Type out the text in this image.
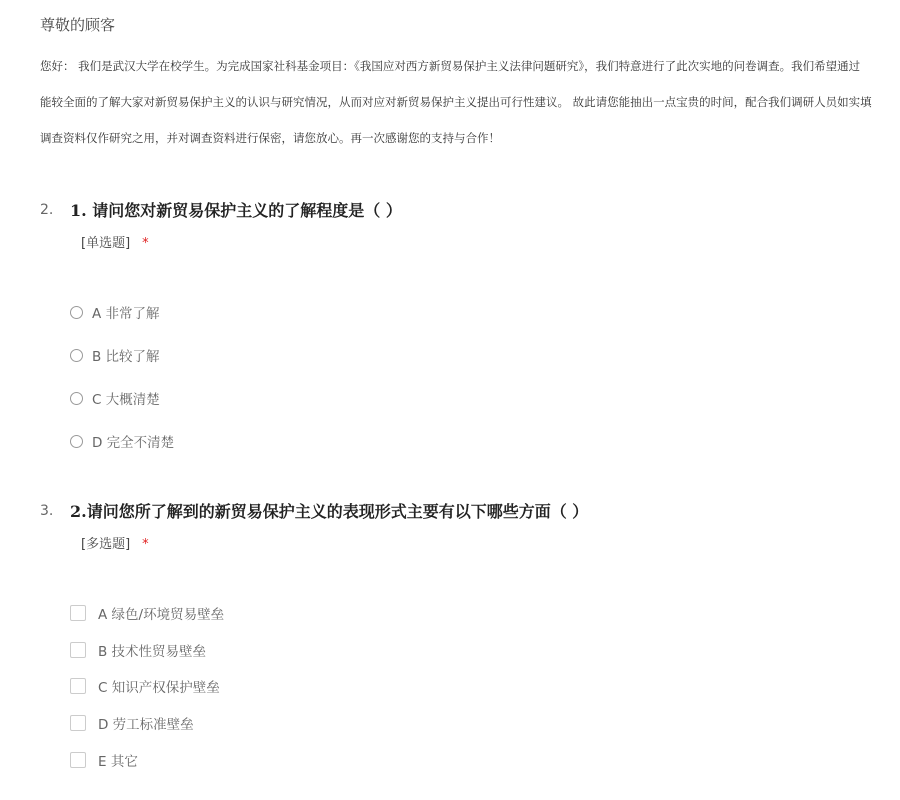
尊敬的顾客
您好： 我们是武汉大学在校学生。为完成国家社科基金项目：《我国应对西方新贸易保护主义法律问题研究》，我们特意进行了此次实地的问卷调查。我们希望通过
能较全面的了解大家对新贸易保护主义的认识与研究情况，从而对应对新贸易保护主义提出可行性建议。 故此请您能抽出一点宝贵的时间，配合我们调研人员如实填
调查资料仅作研究之用，并对调查资料进行保密，请您放心。再一次感谢您的支持与合作！
2. 1. 请问您对新贸易保护主义的了解程度是（ ）
[单选题] *
A 非常了解
B 比较了解
C 大概清楚
D 完全不清楚
3. 2.请问您所了解到的新贸易保护主义的表现形式主要有以下哪些方面（ ）
[多选题] *
A 绿色/环境贸易壁垒
B 技术性贸易壁垒
C 知识产权保护壁垒
D 劳工标准壁垒
E 其它
